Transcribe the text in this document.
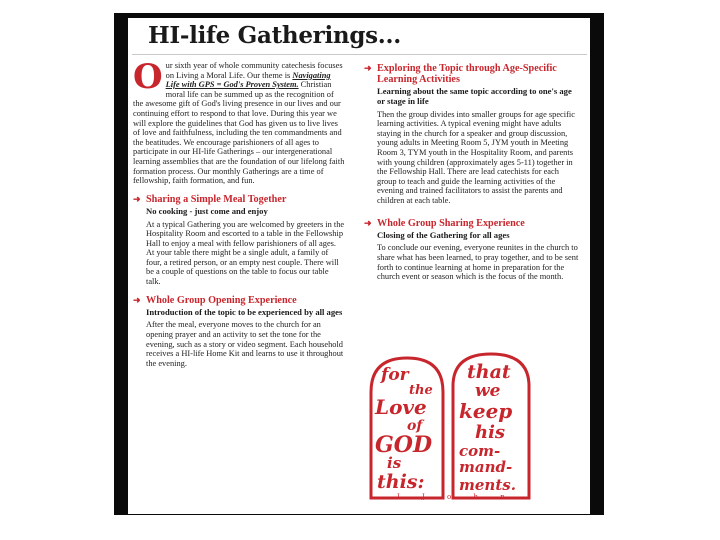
HI-life Gatherings...

Our sixth year of whole community catechesis focuses on Living a Moral Life. Our theme is Navigating Life with GPS = God's Proven System. Christian moral life can be summed up as the recognition of the awesome gift of God's living presence in our lives and our continuing effort to respond to that love. During this year we will explore the guidelines that God has given us to live lives of love and faithfulness, including the ten commandments and the beatitudes. We encourage parishioners of all ages to participate in our HI-life Gatherings – our intergenerational learning assemblies that are the foundation of our lifelong faith formation process. Our monthly Gatherings are a time of fellowship, faith formation, and fun.

➜ Sharing a Simple Meal Together

No cooking - just come and enjoy

At a typical Gathering you are welcomed by greeters in the Hospitality Room and escorted to a table in the Fellowship Hall to enjoy a meal with fellow parishioners of all ages. At your table there might be a single adult, a family of four, a retired person, or an empty nest couple. There will be a couple of questions on the table to focus our table talk.

➜ Whole Group Opening Experience

Introduction of the topic to be experienced by all ages

After the meal, everyone moves to the church for an opening prayer and an activity to set the tone for the evening, such as a story or video segment. Each household receives a HI-life Home Kit and learns to use it throughout the evening.

➜ Exploring the Topic through Age-Specific Learning Activities

Learning about the same topic according to one's age or stage in life

Then the group divides into smaller groups for age specific learning activities. A typical evening might have adults staying in the church for a speaker and group discussion, young adults in Meeting Room 5, JYM youth in Meeting Room 3, TYM youth in the Hospitality Room, and parents with young children (approximately ages 5-11) together in the Fellowship Hall. There are lead catechists for each group to teach and guide the learning activities of the evening and trained facilitators to assist the parents and children at each table.

➜ Whole Group Sharing Experience

Closing of the Gathering for all ages

To conclude our evening, everyone reunites in the church to share what has been learned, to pray together, and to be sent forth to continue learning at home in preparation for the church event or season which is the focus of the month.

for
the
Love
of
GOD
is
this:
that
we
keep
his
com-
mand-
ments.
I J o h n
